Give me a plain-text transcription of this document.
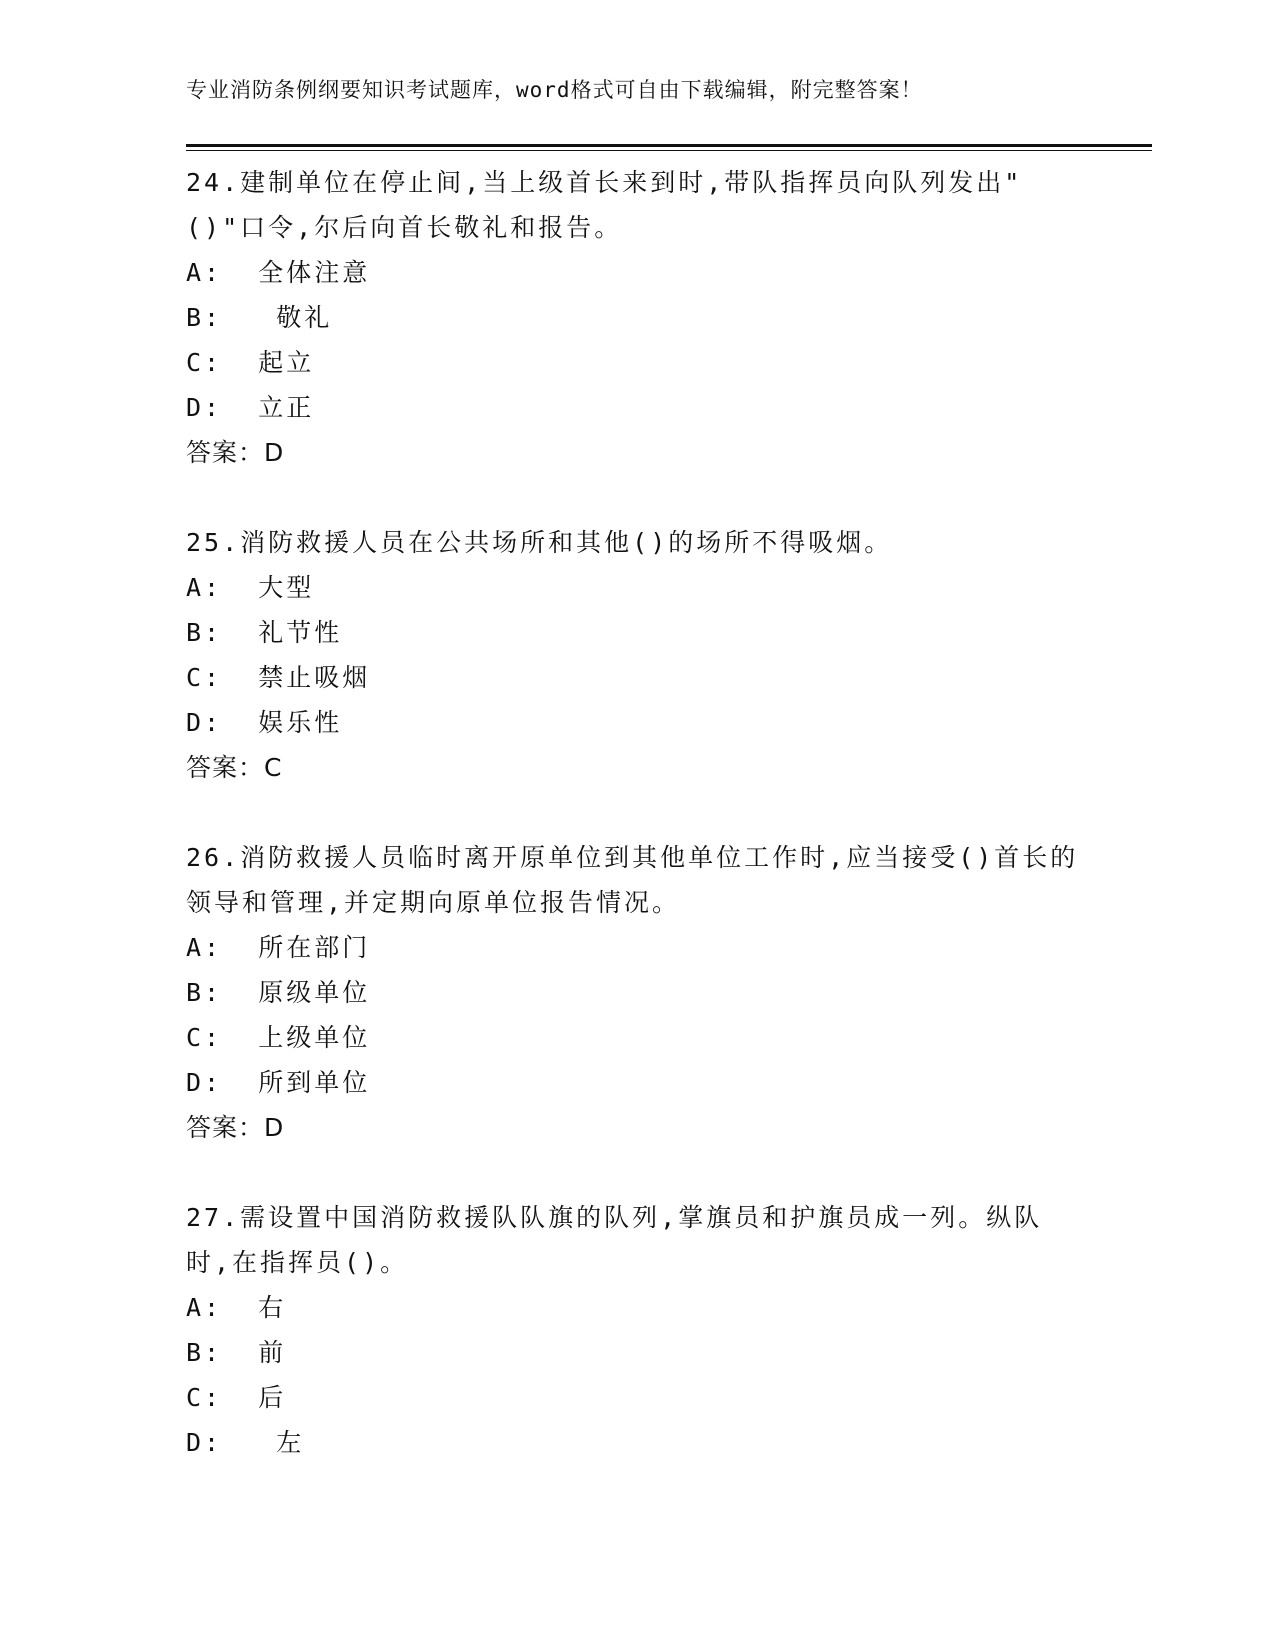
专业消防条例纲要知识考试题库，word格式可自由下载编辑，附完整答案！
24.建制单位在停止间,当上级首长来到时,带队指挥员向队列发出"()"口令,尔后向首长敬礼和报告。
A:  全体注意
B:   敬礼
C:  起立
D:  立正
答案：D
25.消防救援人员在公共场所和其他()的场所不得吸烟。
A:  大型
B:  礼节性
C:  禁止吸烟
D:  娱乐性
答案：C
26.消防救援人员临时离开原单位到其他单位工作时,应当接受()首长的领导和管理,并定期向原单位报告情况。
A:  所在部门
B:  原级单位
C:  上级单位
D:  所到单位
答案：D
27.需设置中国消防救援队队旗的队列,掌旗员和护旗员成一列。纵队时,在指挥员()。
A:  右
B:  前
C:  后
D:   左
